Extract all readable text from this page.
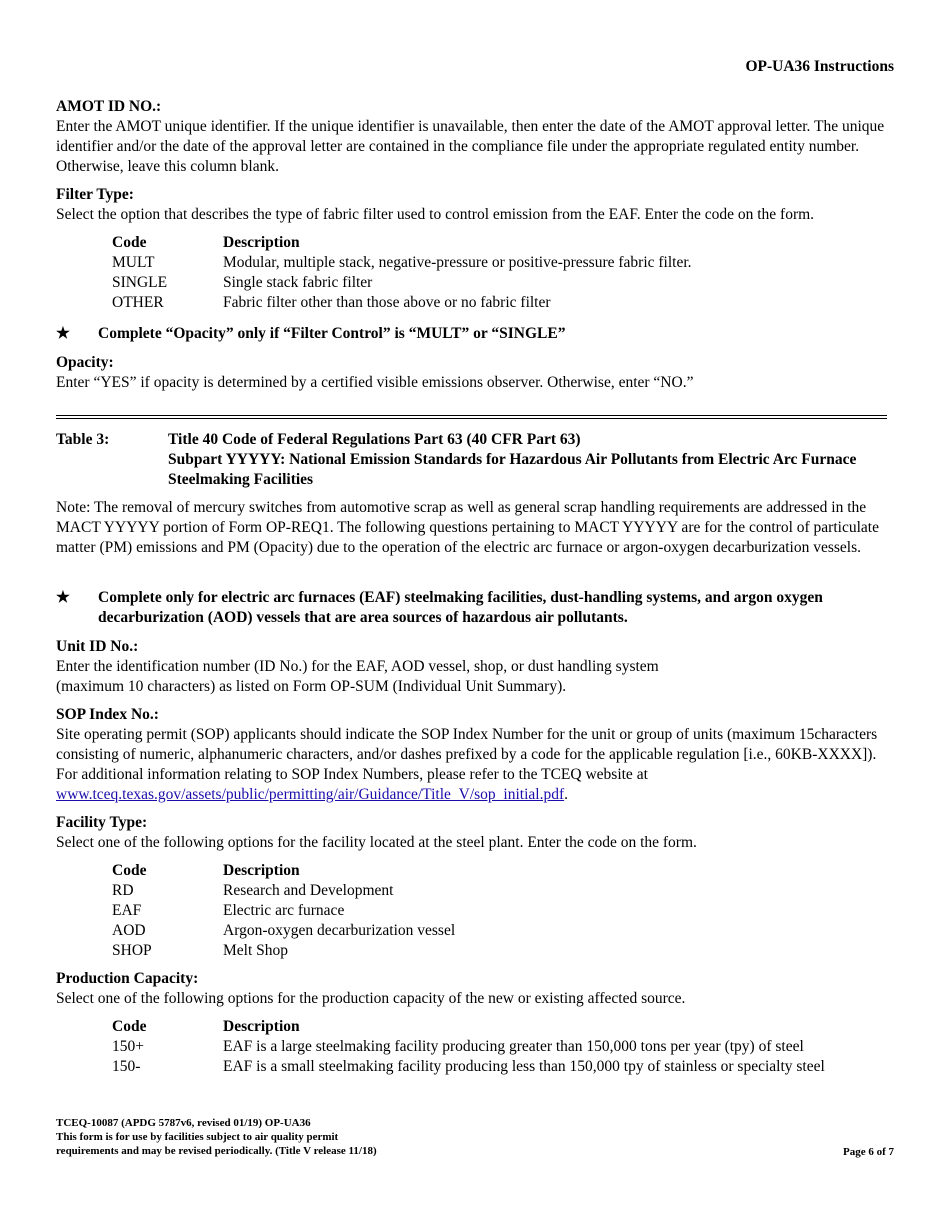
OP-UA36 Instructions

AMOT ID NO.:

Enter the AMOT unique identifier. If the unique identifier is unavailable, then enter the date of the AMOT approval letter. The unique identifier and/or the date of the approval letter are contained in the compliance file under the appropriate regulated entity number. Otherwise, leave this column blank.

Filter Type:

Select the option that describes the type of fabric filter used to control emission from the EAF. Enter the code on the form.

Code	Description
MULT	Modular, multiple stack, negative-pressure or positive-pressure fabric filter.
SINGLE	Single stack fabric filter
OTHER	Fabric filter other than those above or no fabric filter
★	Complete “Opacity” only if “Filter Control” is “MULT” or “SINGLE”

Opacity:

Enter “YES” if opacity is determined by a certified visible emissions observer. Otherwise, enter “NO.”

Table 3:	Title 40 Code of Federal Regulations Part 63 (40 CFR Part 63)
Subpart YYYYY: National Emission Standards for Hazardous Air Pollutants from Electric Arc Furnace Steelmaking Facilities

Note: The removal of mercury switches from automotive scrap as well as general scrap handling requirements are addressed in the MACT YYYYY portion of Form OP-REQ1. The following questions pertaining to MACT YYYYY are for the control of particulate matter (PM) emissions and PM (Opacity) due to the operation of the electric arc furnace or argon-oxygen decarburization vessels.

★	Complete only for electric arc furnaces (EAF) steelmaking facilities, dust-handling systems, and argon oxygen decarburization (AOD) vessels that are area sources of hazardous air pollutants.

Unit ID No.:

Enter the identification number (ID No.) for the EAF, AOD vessel, shop, or dust handling system

(maximum 10 characters) as listed on Form OP-SUM (Individual Unit Summary).

SOP Index No.:

Site operating permit (SOP) applicants should indicate the SOP Index Number for the unit or group of units (maximum 15characters consisting of numeric, alphanumeric characters, and/or dashes prefixed by a code for the applicable regulation [i.e., 60KB-XXXX]). For additional information relating to SOP Index Numbers, please refer to the TCEQ website at www.tceq.texas.gov/assets/public/permitting/air/Guidance/Title_V/sop_initial.pdf.

Facility Type:

Select one of the following options for the facility located at the steel plant. Enter the code on the form.

Code	Description
RD	Research and Development
EAF	Electric arc furnace
AOD	Argon-oxygen decarburization vessel
SHOP	Melt Shop

Production Capacity:

Select one of the following options for the production capacity of the new or existing affected source.

Code	Description
150+	EAF is a large steelmaking facility producing greater than 150,000 tons per year (tpy) of steel
150-	EAF is a small steelmaking facility producing less than 150,000 tpy of stainless or specialty steel
TCEQ-10087 (APDG 5787v6, revised 01/19) OP-UA36
This form is for use by facilities subject to air quality permit
requirements and may be revised periodically. (Title V release 11/18)	Page 6 of 7
